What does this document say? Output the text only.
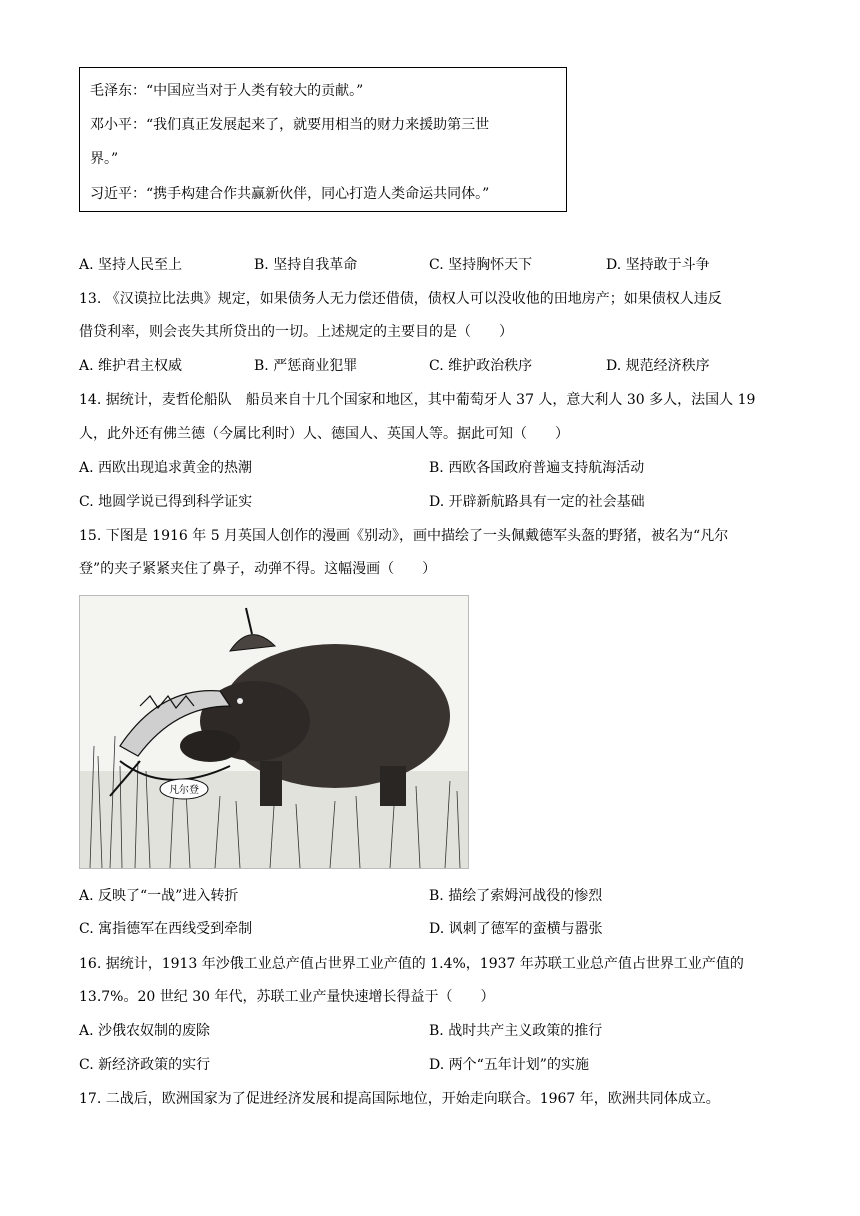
毛泽东：“中国应当对于人类有较大的贡献。”
邓小平：“我们真正发展起来了，就要用相当的财力来援助第三世
界。”
习近平：“携手构建合作共赢新伙伴，同心打造人类命运共同体。”
A. 坚持人民至上	B. 坚持自我革命	C. 坚持胸怀天下	D. 坚持敢于斗争
13. 《汉谟拉比法典》规定，如果债务人无力偿还借债，债权人可以没收他的田地房产；如果债权人违反
借贷利率，则会丧失其所贷出的一切。上述规定的主要目的是（　　）
A. 维护君主权威	B. 严惩商业犯罪	C. 维护政治秩序	D. 规范经济秩序
14. 据统计，麦哲伦船队　船员来自十几个国家和地区，其中葡萄牙人 37 人，意大利人 30 多人，法国人 19
人，此外还有佛兰德（今属比利时）人、德国人、英国人等。据此可知（　　）
A. 西欧出现追求黄金的热潮	B. 西欧各国政府普遍支持航海活动
C. 地圆学说已得到科学证实	D. 开辟新航路具有一定的社会基础
15. 下图是 1916 年 5 月英国人创作的漫画《别动》，画中描绘了一头佩戴德军头盔的野猪，被名为“凡尔
登”的夹子紧紧夹住了鼻子，动弹不得。这幅漫画（　　）
凡尔登
A. 反映了“一战”进入转折	B. 描绘了索姆河战役的惨烈
C. 寓指德军在西线受到牵制	D. 讽刺了德军的蛮横与嚣张
16. 据统计，1913 年沙俄工业总产值占世界工业产值的 1.4%，1937 年苏联工业总产值占世界工业产值的
13.7%。20 世纪 30 年代，苏联工业产量快速增长得益于（　　）
A. 沙俄农奴制的废除	B. 战时共产主义政策的推行
C. 新经济政策的实行	D. 两个“五年计划”的实施
17. 二战后，欧洲国家为了促进经济发展和提高国际地位，开始走向联合。1967 年，欧洲共同体成立。
